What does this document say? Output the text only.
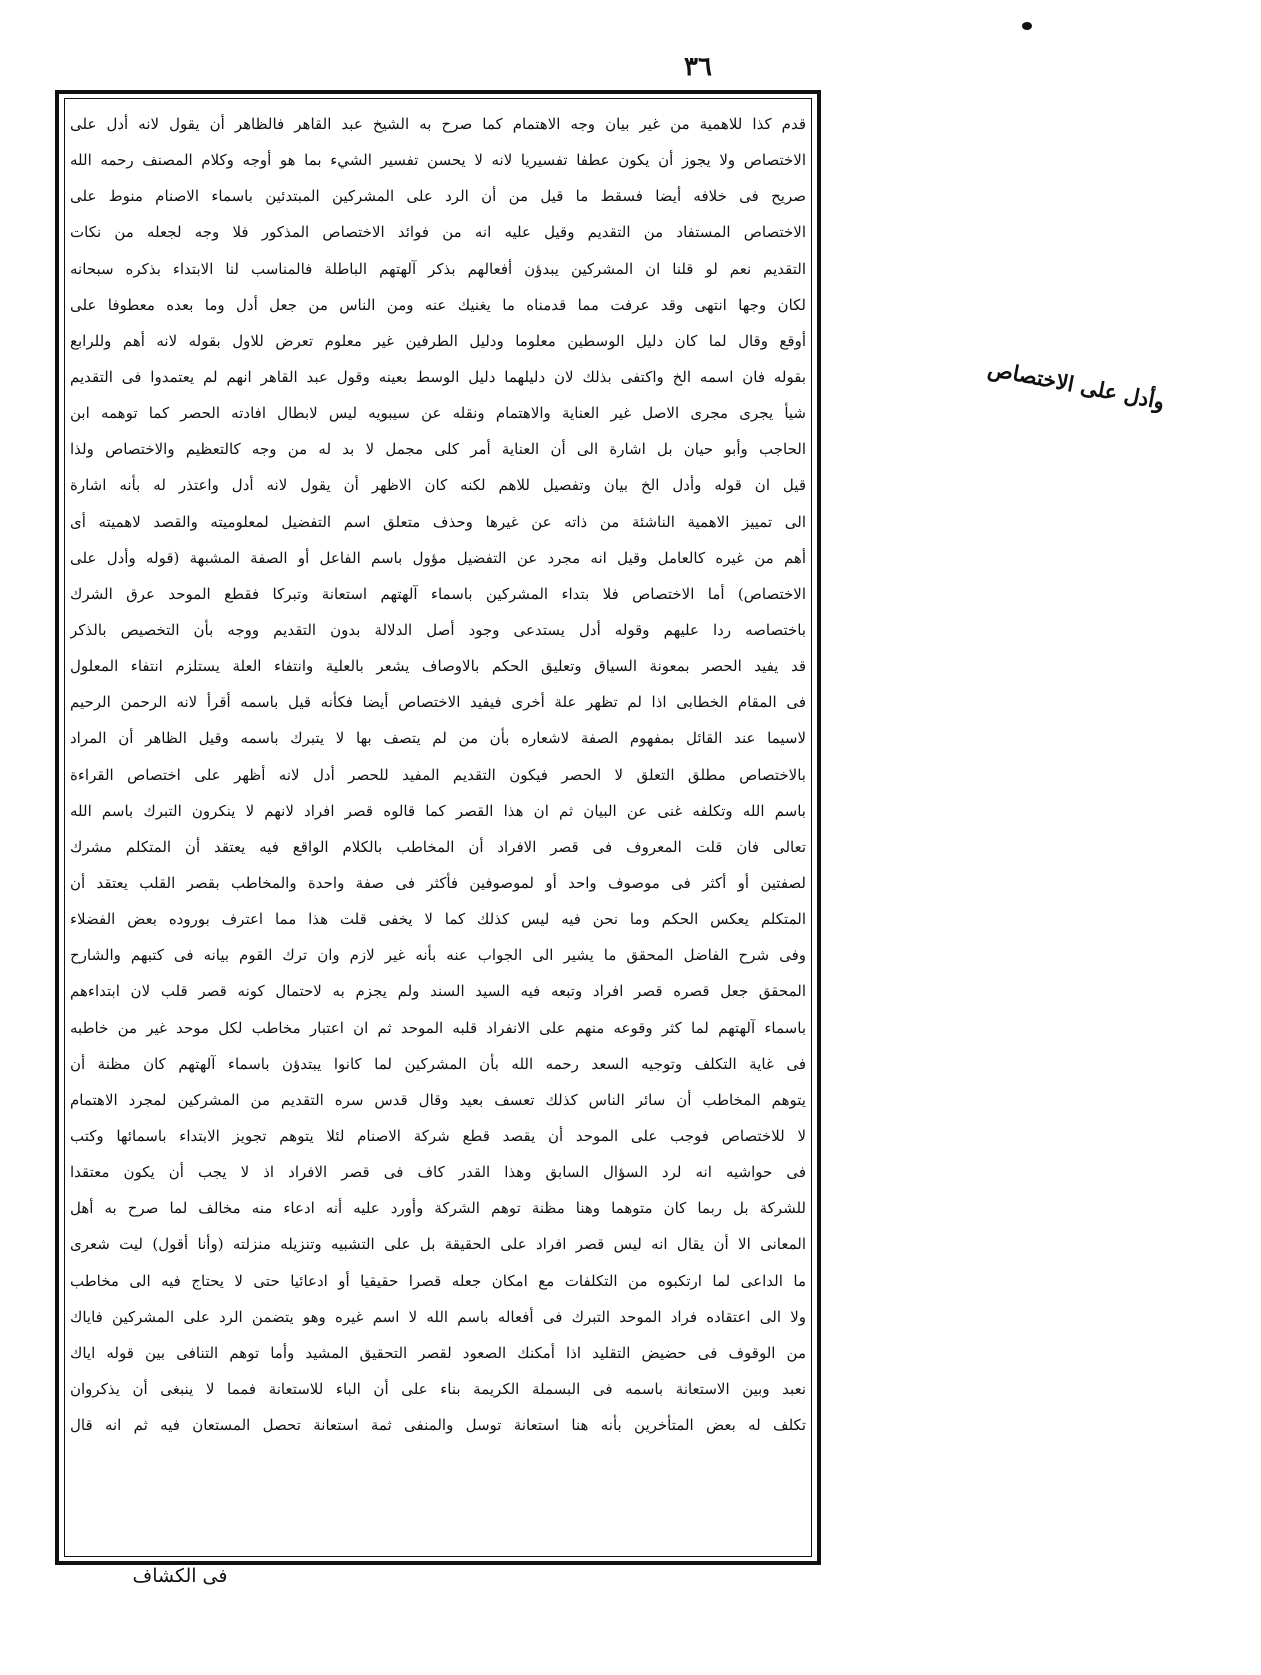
٣٦
قدم كذا للاهمية من غير بيان وجه الاهتمام كما صرح به الشيخ عبد القاهر فالظاهر أن يقول لانه أدل على
الاختصاص ولا يجوز أن يكون عطفا تفسيريا لانه لا يحسن تفسير الشيء بما هو أوجه وكلام المصنف رحمه الله
صريح فى خلافه أيضا فسقط ما قيل من أن الرد على المشركين المبتدئين باسماء الاصنام منوط على
الاختصاص المستفاد من التقديم وقيل عليه انه من فوائد الاختصاص المذكور فلا وجه لجعله من نكات
التقديم نعم لو قلنا ان المشركين يبدؤن أفعالهم بذكر آلهتهم الباطلة فالمناسب لنا الابتداء بذكره سبحانه
لكان وجها انتهى وقد عرفت مما قدمناه ما يغنيك عنه ومن الناس من جعل أدل وما بعده معطوفا على
أوقع وقال لما كان دليل الوسطين معلوما ودليل الطرفين غير معلوم تعرض للاول بقوله لانه أهم وللرابع
بقوله فان اسمه الخ واكتفى بذلك لان دليلهما دليل الوسط بعينه وقول عبد القاهر انهم لم يعتمدوا فى التقديم
شيأ يجرى مجرى الاصل غير العناية والاهتمام ونقله عن سيبويه ليس لابطال افادته الحصر كما توهمه ابن
الحاجب وأبو حيان بل اشارة الى أن العناية أمر كلى مجمل لا بد له من وجه كالتعظيم والاختصاص ولذا
قيل ان قوله وأدل الخ بيان وتفصيل للاهم لكنه كان الاظهر أن يقول لانه أدل واعتذر له بأنه اشارة
الى تمييز الاهمية الناشئة من ذاته عن غيرها وحذف متعلق اسم التفضيل لمعلوميته والقصد لاهميته أى
أهم من غيره كالعامل وقيل انه مجرد عن التفضيل مؤول باسم الفاعل أو الصفة المشبهة (قوله وأدل على
الاختصاص) أما الاختصاص فلا بتداء المشركين باسماء آلهتهم استعانة وتبركا فقطع الموحد عرق الشرك
باختصاصه ردا عليهم وقوله أدل يستدعى وجود أصل الدلالة بدون التقديم ووجه بأن التخصيص بالذكر
قد يفيد الحصر بمعونة السياق وتعليق الحكم بالاوصاف يشعر بالعلية وانتفاء العلة يستلزم انتفاء المعلول
فى المقام الخطابى اذا لم تظهر علة أخرى فيفيد الاختصاص أيضا فكأنه قيل باسمه أقرأ لانه الرحمن الرحيم
لاسيما عند القائل بمفهوم الصفة لاشعاره بأن من لم يتصف بها لا يتبرك باسمه وقيل الظاهر أن المراد
بالاختصاص مطلق التعلق لا الحصر فيكون التقديم المفيد للحصر أدل لانه أظهر على اختصاص القراءة
باسم الله وتكلفه غنى عن البيان ثم ان هذا القصر كما قالوه قصر افراد لانهم لا ينكرون التبرك باسم الله
تعالى فان قلت المعروف فى قصر الافراد أن المخاطب بالكلام الواقع فيه يعتقد أن المتكلم مشرك
لصفتين أو أكثر فى موصوف واحد أو لموصوفين فأكثر فى صفة واحدة والمخاطب بقصر القلب يعتقد أن
المتكلم يعكس الحكم وما نحن فيه ليس كذلك كما لا يخفى قلت هذا مما اعترف بوروده بعض الفضلاء
وفى شرح الفاضل المحقق ما يشير الى الجواب عنه بأنه غير لازم وان ترك القوم بيانه فى كتبهم والشارح
المحقق جعل قصره قصر افراد وتبعه فيه السيد السند ولم يجزم به لاحتمال كونه قصر قلب لان ابتداءهم
باسماء آلهتهم لما كثر وقوعه منهم على الانفراد قلبه الموحد ثم ان اعتبار مخاطب لكل موحد غير من خاطبه
فى غاية التكلف وتوجيه السعد رحمه الله بأن المشركين لما كانوا يبتدؤن باسماء آلهتهم كان مظنة أن
يتوهم المخاطب أن سائر الناس كذلك تعسف بعيد وقال قدس سره التقديم من المشركين لمجرد الاهتمام
لا للاختصاص فوجب على الموحد أن يقصد قطع شركة الاصنام لئلا يتوهم تجويز الابتداء باسمائها وكتب
فى حواشيه انه لرد السؤال السابق وهذا القدر كاف فى قصر الافراد اذ لا يجب أن يكون معتقدا
للشركة بل ربما كان متوهما وهنا مظنة توهم الشركة وأورد عليه أنه ادعاء منه مخالف لما صرح به أهل
المعانى الا أن يقال انه ليس قصر افراد على الحقيقة بل على التشبيه وتنزيله منزلته (وأنا أقول) ليت شعرى
ما الداعى لما ارتكبوه من التكلفات مع امكان جعله قصرا حقيقيا أو ادعائيا حتى لا يحتاج فيه الى مخاطب
ولا الى اعتقاده فراد الموحد التبرك فى أفعاله باسم الله لا اسم غيره وهو يتضمن الرد على المشركين فاياك
من الوقوف فى حضيض التقليد اذا أمكنك الصعود لقصر التحقيق المشيد وأما توهم التنافى بين قوله اياك
نعبد وبين الاستعانة باسمه فى البسملة الكريمة بناء على أن الباء للاستعانة فمما لا ينبغى أن يذكروان
تكلف له بعض المتأخرين بأنه هنا استعانة توسل والمنفى ثمة استعانة تحصل المستعان فيه ثم انه قال
وأدل على الاختصاص
فى الكشاف
